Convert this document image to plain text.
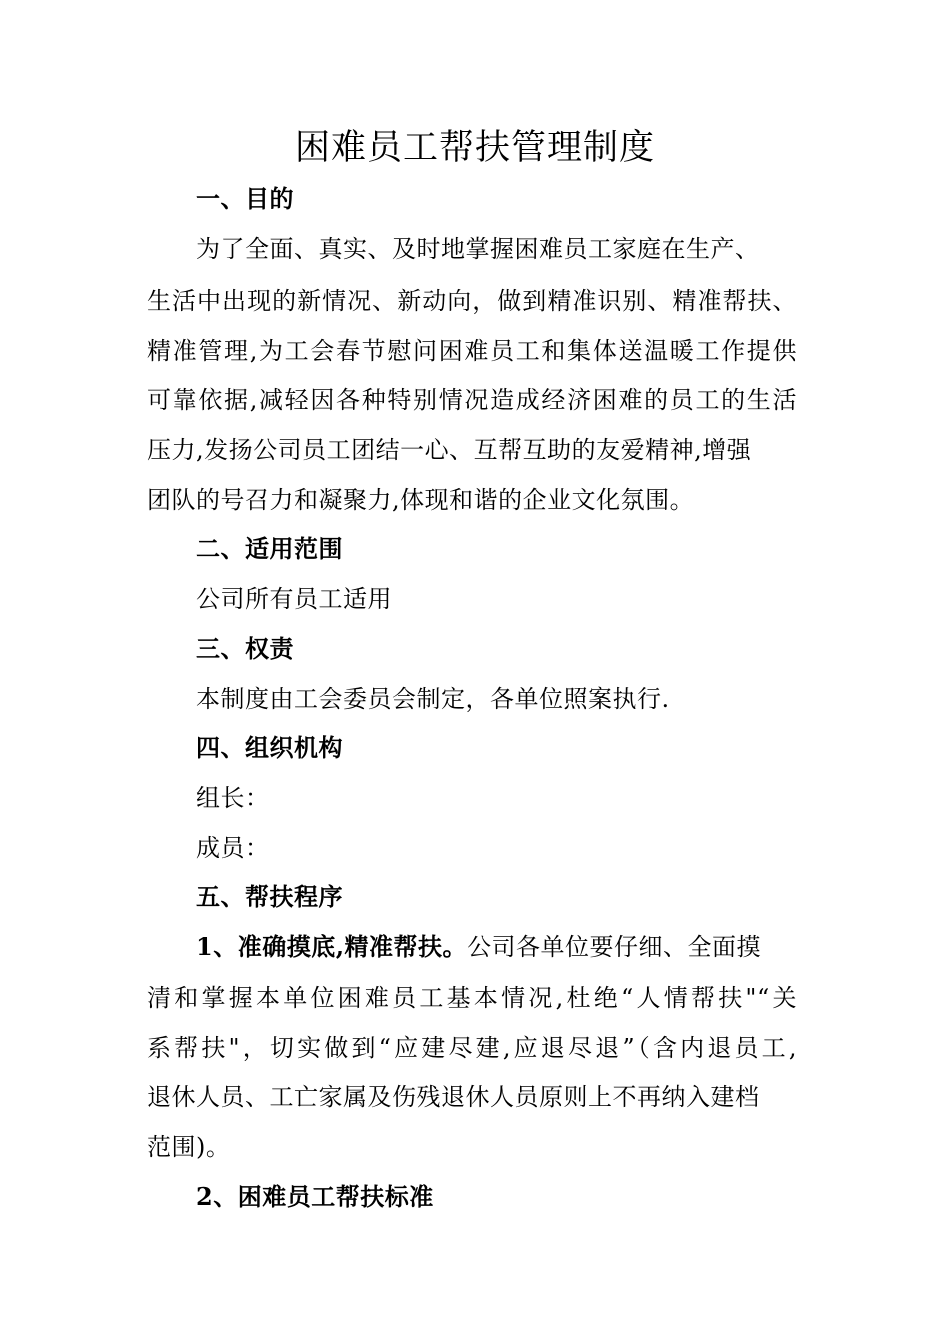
困难员工帮扶管理制度
一、目的
为了全面、真实、及时地掌握困难员工家庭在生产、
生活中出现的新情况、新动向，做到精准识别、精准帮扶、
精准管理,为工会春节慰问困难员工和集体送温暖工作提供
可靠依据,减轻因各种特别情况造成经济困难的员工的生活
压力,发扬公司员工团结一心、互帮互助的友爱精神,增强
团队的号召力和凝聚力,体现和谐的企业文化氛围。
二、适用范围
公司所有员工适用
三、权责
本制度由工会委员会制定，各单位照案执行.
四、组织机构
组长：
成员：
五、帮扶程序
1、准确摸底,精准帮扶。公司各单位要仔细、全面摸
清和掌握本单位困难员工基本情况,杜绝“人情帮扶"“关
系帮扶"，切实做到“应建尽建,应退尽退”（含内退员工,
退休人员、工亡家属及伤残退休人员原则上不再纳入建档
范围)。
2、困难员工帮扶标准
